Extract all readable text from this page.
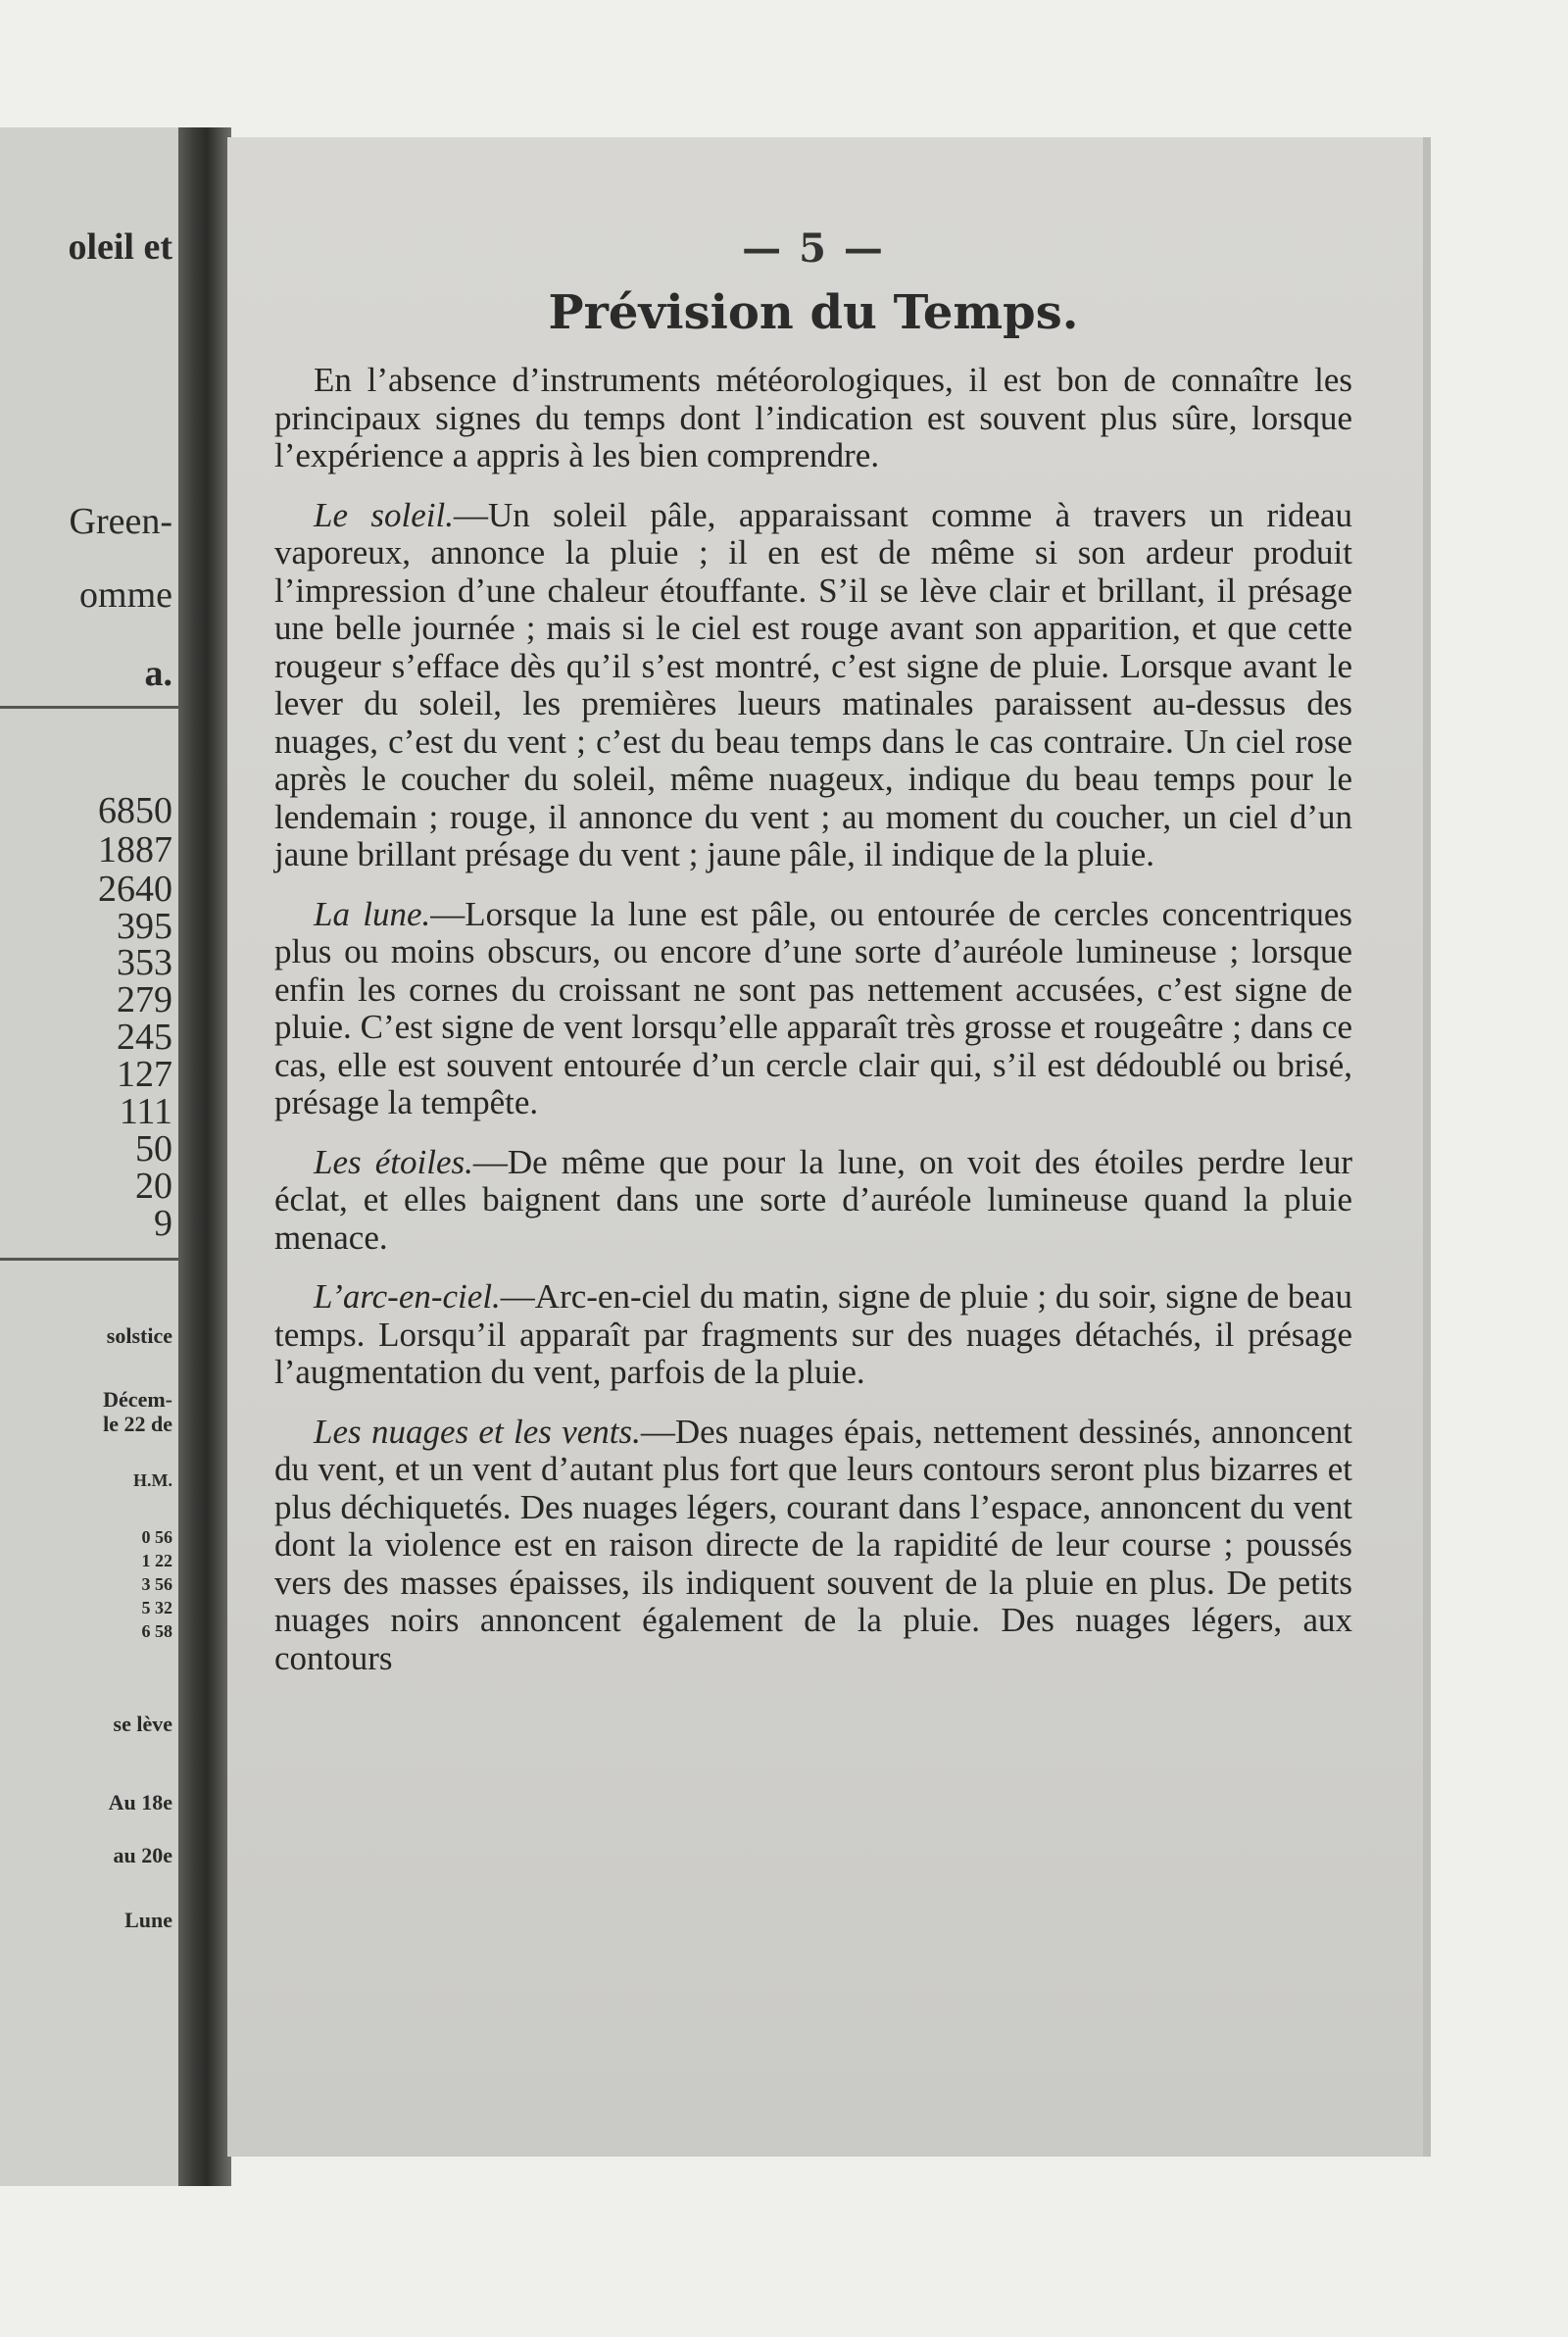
oleil et
Green-
omme
a.
6850
1887
2640
395
353
279
245
127
111
50
20
9
solstice
Décem-
le 22 de
H.M.
0 56
1 22
3 56
5 32
6 58
se lève
Au 18e
au 20e
Lune
— 5 —
Prévision du Temps.

En l’absence d’instruments météorologiques, il est bon de connaître les principaux signes du temps dont l’indication est souvent plus sûre, lorsque l’expérience a appris à les bien comprendre.

Le soleil.—Un soleil pâle, apparaissant comme à travers un rideau vaporeux, annonce la pluie ; il en est de même si son ardeur produit l’impression d’une chaleur étouffante. S’il se lève clair et brillant, il présage une belle journée ; mais si le ciel est rouge avant son apparition, et que cette rougeur s’efface dès qu’il s’est montré, c’est signe de pluie. Lorsque avant le lever du soleil, les premières lueurs matinales paraissent au-dessus des nuages, c’est du vent ; c’est du beau temps dans le cas contraire. Un ciel rose après le coucher du soleil, même nuageux, indique du beau temps pour le lendemain ; rouge, il annonce du vent ; au moment du coucher, un ciel d’un jaune brillant présage du vent ; jaune pâle, il indique de la pluie.

La lune.—Lorsque la lune est pâle, ou entourée de cercles concentriques plus ou moins obscurs, ou encore d’une sorte d’auréole lumineuse ; lorsque enfin les cornes du croissant ne sont pas nettement accusées, c’est signe de pluie. C’est signe de vent lorsqu’elle apparaît très grosse et rougeâtre ; dans ce cas, elle est souvent entourée d’un cercle clair qui, s’il est dédoublé ou brisé, présage la tempête.

Les étoiles.—De même que pour la lune, on voit des étoiles perdre leur éclat, et elles baignent dans une sorte d’auréole lumineuse quand la pluie menace.

L’arc-en-ciel.—Arc-en-ciel du matin, signe de pluie ; du soir, signe de beau temps. Lorsqu’il apparaît par fragments sur des nuages détachés, il présage l’augmentation du vent, parfois de la pluie.

Les nuages et les vents.—Des nuages épais, nettement dessinés, annoncent du vent, et un vent d’autant plus fort que leurs contours seront plus bizarres et plus déchiquetés. Des nuages légers, courant dans l’espace, annoncent du vent dont la violence est en raison directe de la rapidité de leur course ; poussés vers des masses épaisses, ils indiquent souvent de la pluie en plus. De petits nuages noirs annoncent également de la pluie. Des nuages légers, aux contours
